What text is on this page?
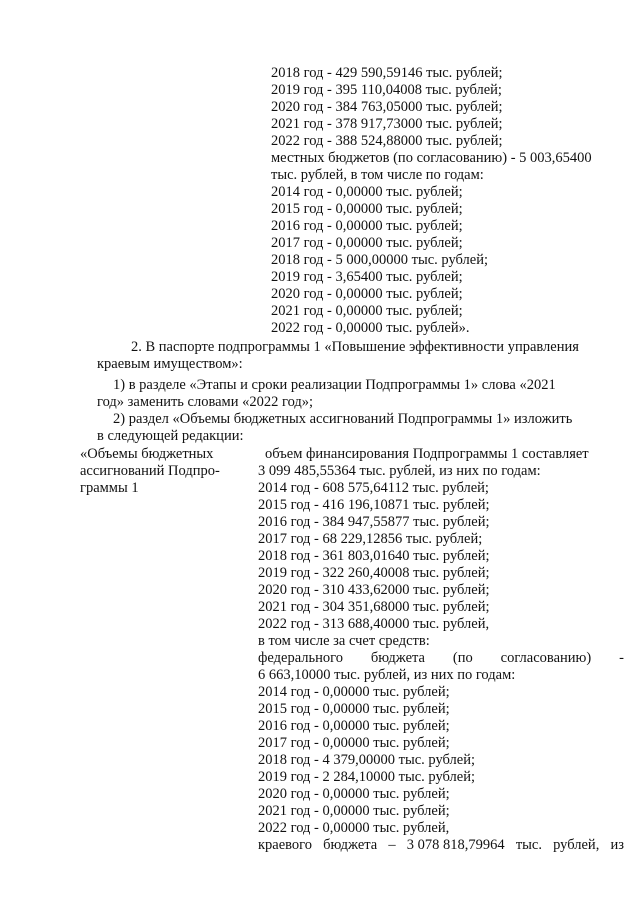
2018 год - 429 590,59146 тыс. рублей;
2019 год - 395 110,04008 тыс. рублей;
2020 год - 384 763,05000 тыс. рублей;
2021 год - 378 917,73000 тыс. рублей;
2022 год - 388 524,88000 тыс. рублей;
местных бюджетов (по согласованию) - 5 003,65400
тыс. рублей, в том числе по годам:
2014 год - 0,00000 тыс. рублей;
2015 год - 0,00000 тыс. рублей;
2016 год - 0,00000 тыс. рублей;
2017 год - 0,00000 тыс. рублей;
2018 год - 5 000,00000 тыс. рублей;
2019 год - 3,65400 тыс. рублей;
2020 год - 0,00000 тыс. рублей;
2021 год - 0,00000 тыс. рублей;
2022 год - 0,00000 тыс. рублей».
2. В паспорте подпрограммы 1 «Повышение эффективности управления
краевым имуществом»:
1) в разделе «Этапы и сроки реализации Подпрограммы 1» слова «2021
год» заменить словами «2022 год»;
2) раздел «Объемы бюджетных ассигнований Подпрограммы 1» изложить
в следующей редакции:
«Объемы бюджетных
ассигнований Подпро-
граммы 1
объем финансирования Подпрограммы 1 составляет
3 099 485,55364 тыс. рублей, из них по годам:
2014 год - 608 575,64112 тыс. рублей;
2015 год - 416 196,10871 тыс. рублей;
2016 год - 384 947,55877 тыс. рублей;
2017 год - 68 229,12856 тыс. рублей;
2018 год - 361 803,01640 тыс. рублей;
2019 год - 322 260,40008 тыс. рублей;
2020 год - 310 433,62000 тыс. рублей;
2021 год - 304 351,68000 тыс. рублей;
2022 год - 313 688,40000 тыс. рублей,
в том числе за счет средств:
федерального бюджета (по согласованию) -
6 663,10000 тыс. рублей, из них по годам:
2014 год - 0,00000 тыс. рублей;
2015 год - 0,00000 тыс. рублей;
2016 год - 0,00000 тыс. рублей;
2017 год - 0,00000 тыс. рублей;
2018 год - 4 379,00000 тыс. рублей;
2019 год - 2 284,10000 тыс. рублей;
2020 год - 0,00000 тыс. рублей;
2021 год - 0,00000 тыс. рублей;
2022 год - 0,00000 тыс. рублей,
краевого бюджета – 3 078 818,79964 тыс. рублей, из
